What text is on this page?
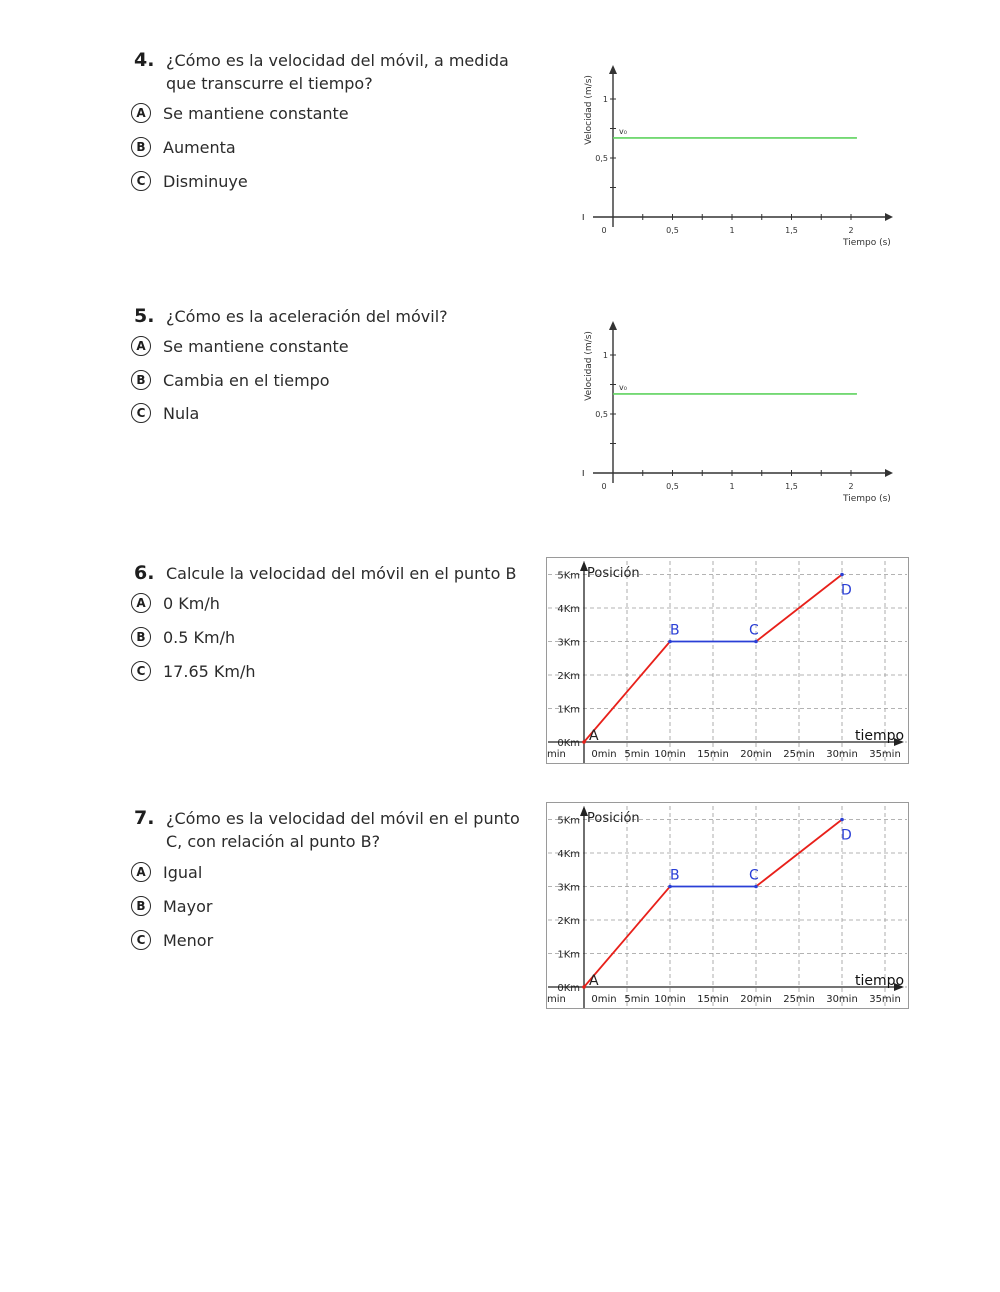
4. ¿Cómo es la velocidad del móvil, a medida que transcurre el tiempo?
A	Se mantiene constante
B	Aumenta
C	Disminuye
5. ¿Cómo es la aceleración del móvil?
A	Se mantiene constante
B	Cambia en el tiempo
C	Nula
6. Calcule la velocidad del móvil en el punto B
A	0 Km/h
B	0.5 Km/h
C	17.65 Km/h
7. ¿Cómo es la velocidad del móvil en el punto C, con relación al punto B?
A	Igual
B	Mayor
C	Menor
0	0,5	1	1,5	2
0,5
1
v₀
Tiempo (s)
Velocidad (m/s)
0	0,5	1	1,5	2
0,5
1
v₀
Tiempo (s)
Velocidad (m/s)
0Km
1Km
2Km
3Km
4Km
5Km
0min 5min 10min 15min 20min 25min 30min 35min
min
A
B	C
D
Posición
tiempo
0Km
1Km
2Km
3Km
4Km
5Km
0min 5min 10min 15min 20min 25min 30min 35min
min
A
B	C
D
Posición
tiempo
